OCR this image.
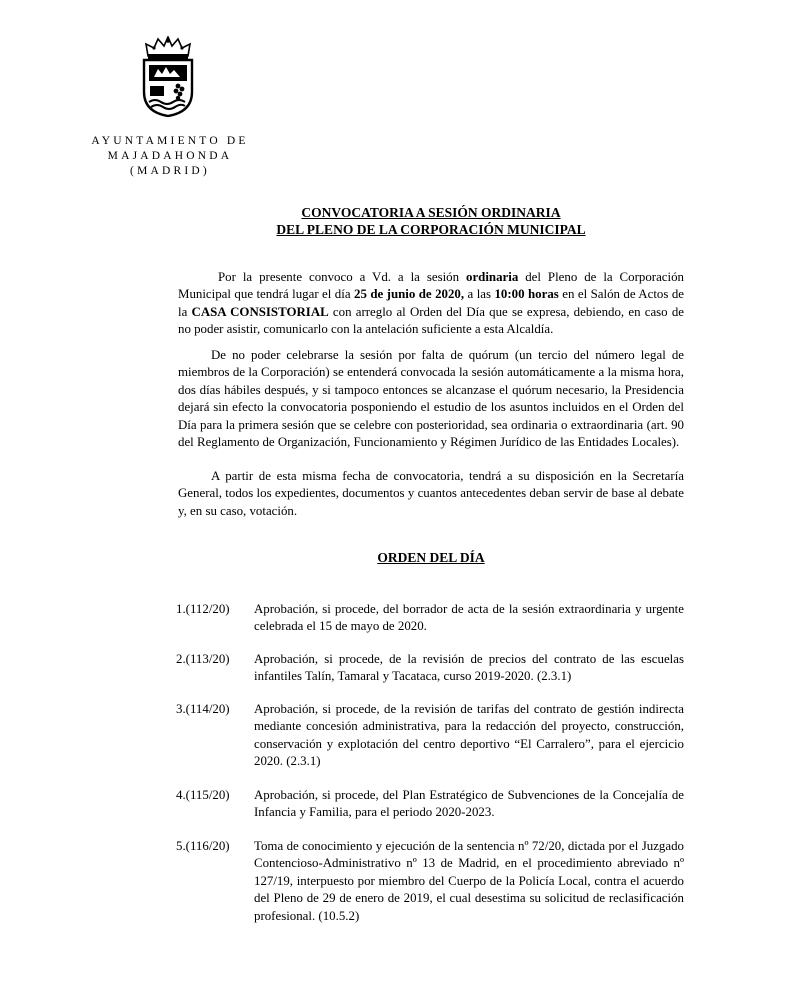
AYUNTAMIENTO DE
MAJADAHONDA
(MADRID)
CONVOCATORIA A SESIÓN ORDINARIA
DEL PLENO DE LA CORPORACIÓN MUNICIPAL
Por la presente convoco a Vd. a la sesión ordinaria del Pleno de la Corporación Municipal que tendrá lugar el día 25 de junio de 2020, a las 10:00 horas en el Salón de Actos de la CASA CONSISTORIAL con arreglo al Orden del Día que se expresa, debiendo, en caso de no poder asistir, comunicarlo con la antelación suficiente a esta Alcaldía.
De no poder celebrarse la sesión por falta de quórum (un tercio del número legal de miembros de la Corporación) se entenderá convocada la sesión automáticamente a la misma hora, dos días hábiles después, y si tampoco entonces se alcanzase el quórum necesario, la Presidencia dejará sin efecto la convocatoria posponiendo el estudio de los asuntos incluidos en el Orden del Día para la primera sesión que se celebre con posterioridad, sea ordinaria o extraordinaria (art. 90 del Reglamento de Organización, Funcionamiento y Régimen Jurídico de las Entidades Locales).
A partir de esta misma fecha de convocatoria, tendrá a su disposición en la Secretaría General, todos los expedientes, documentos y cuantos antecedentes deban servir de base al debate y, en su caso, votación.
ORDEN DEL DÍA
1.(112/20) Aprobación, si procede, del borrador de acta de la sesión extraordinaria y urgente celebrada el 15 de mayo de 2020.
2.(113/20) Aprobación, si procede, de la revisión de precios del contrato de las escuelas infantiles Talín, Tamaral y Tacataca, curso 2019-2020. (2.3.1)
3.(114/20) Aprobación, si procede, de la revisión de tarifas del contrato de gestión indirecta mediante concesión administrativa, para la redacción del proyecto, construcción, conservación y explotación del centro deportivo “El Carralero”, para el ejercicio 2020. (2.3.1)
4.(115/20) Aprobación, si procede, del Plan Estratégico de Subvenciones de la Concejalía de Infancia y Familia, para el periodo 2020-2023.
5.(116/20) Toma de conocimiento y ejecución de la sentencia nº 72/20, dictada por el Juzgado Contencioso-Administrativo nº 13 de Madrid, en el procedimiento abreviado nº 127/19, interpuesto por miembro del Cuerpo de la Policía Local, contra el acuerdo del Pleno de 29 de enero de 2019, el cual desestima su solicitud de reclasificación profesional. (10.5.2)
